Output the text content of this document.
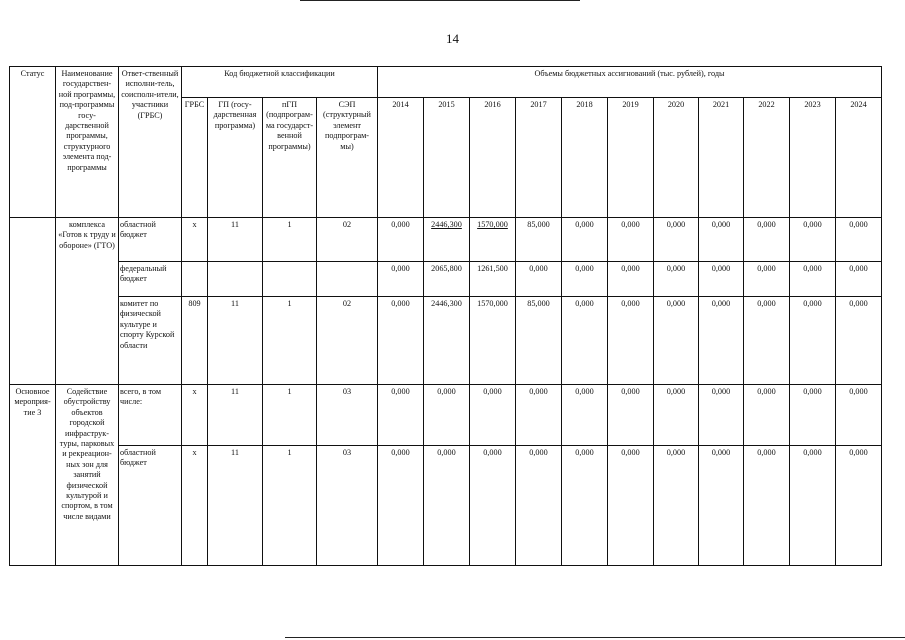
14
Статус	Наименование государствен-ной программы, под-программы госу-дарственной программы, структурного элемента под-программы	Ответ-ственный исполни-тель, соисполн-ители, участники (ГРБС)	Код бюджетной классификации				Объемы бюджетных ассигнований (тыс. рублей), годы										
			ГРБС	ГП (госу-дарственная программа)	пГП (подпрограм-ма государст-венной программы)	СЭП (структурный элемент подпрограм-мы)	2014	2015	2016	2017	2018	2019	2020	2021	2022	2023	2024
	комплекса «Готов к труду и обороне» (ГТО)	областной бюджет	х	11	1	02	0,000	2446,300	1570,000	85,000	0,000	0,000	0,000	0,000	0,000	0,000	0,000
		федеральный бюджет					0,000	2065,800	1261,500	0,000	0,000	0,000	0,000	0,000	0,000	0,000	0,000
		комитет по физической культуре и спорту Курской области	809	11	1	02	0,000	2446,300	1570,000	85,000	0,000	0,000	0,000	0,000	0,000	0,000	0,000
Основное мероприя-тие 3	Содействие обустройству объектов городской инфраструк-туры, парковых и рекреацион-ных зон для занятий физической культурой и спортом, в том числе видами	всего, в том числе:	х	11	1	03	0,000	0,000	0,000	0,000	0,000	0,000	0,000	0,000	0,000	0,000	0,000
		областной бюджет	х	11	1	03	0,000	0,000	0,000	0,000	0,000	0,000	0,000	0,000	0,000	0,000	0,000
